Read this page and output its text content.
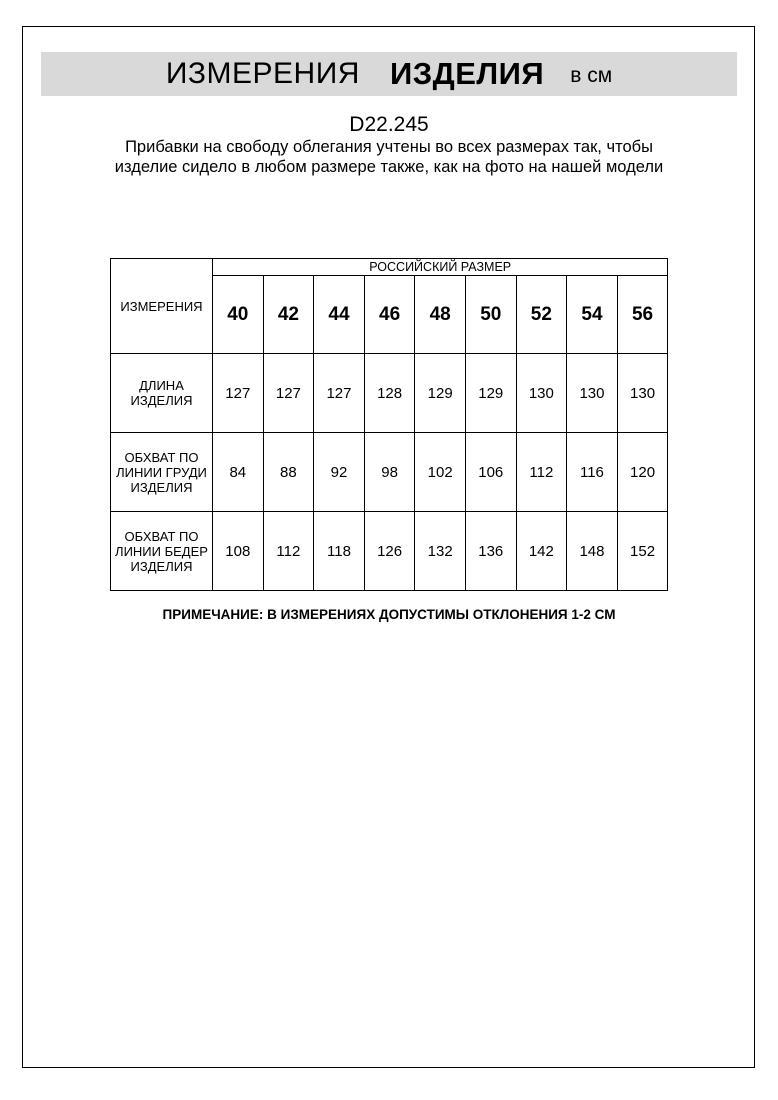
ИЗМЕРЕНИЯ ИЗДЕЛИЯ в см
D22.245
Прибавки на свободу облегания учтены во всех размерах так, чтобы изделие сидело в любом размере также, как на фото на нашей модели
ИЗМЕРЕНИЯ	РОССИЙСКИЙ РАЗМЕР								
	40	42	44	46	48	50	52	54	56
ДЛИНА
ИЗДЕЛИЯ	127	127	127	128	129	129	130	130	130
ОБХВАТ ПО
ЛИНИИ ГРУДИ
ИЗДЕЛИЯ	84	88	92	98	102	106	112	116	120
ОБХВАТ ПО
ЛИНИИ БЕДЕР
ИЗДЕЛИЯ	108	112	118	126	132	136	142	148	152
ПРИМЕЧАНИЕ: В ИЗМЕРЕНИЯХ ДОПУСТИМЫ ОТКЛОНЕНИЯ 1-2 СМ
